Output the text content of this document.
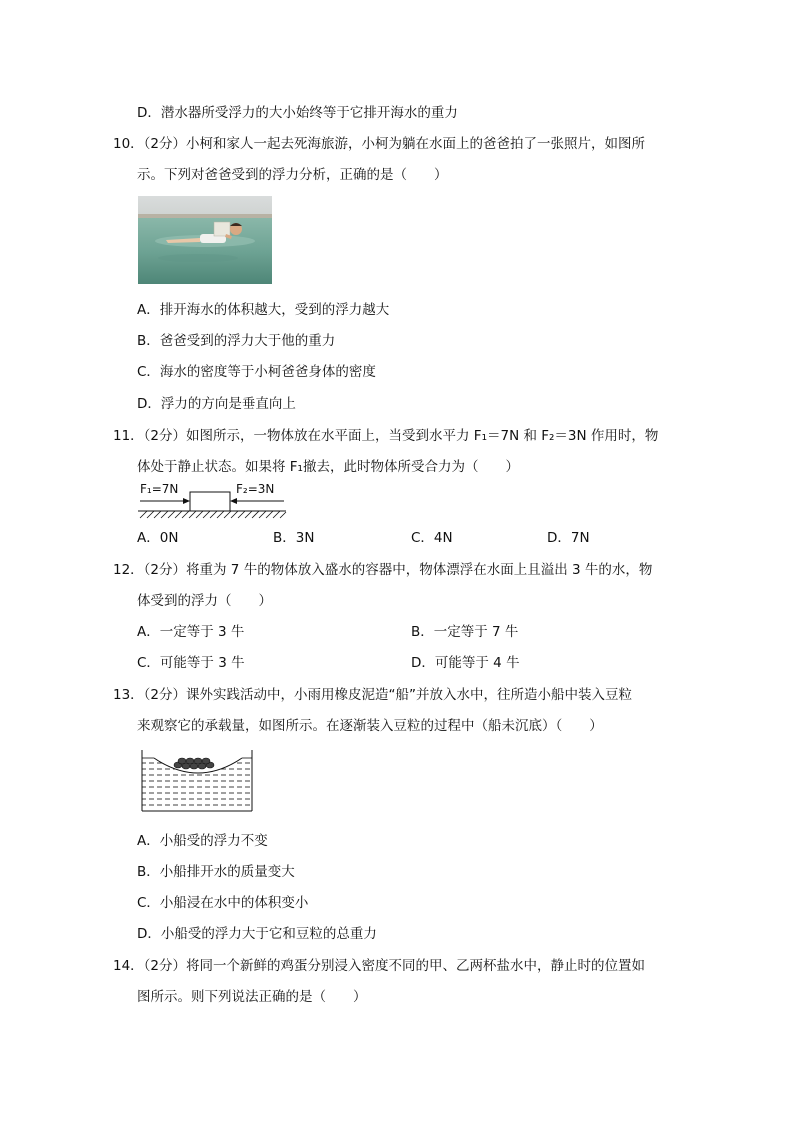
D．潜水器所受浮力的大小始终等于它排开海水的重力
10．（2分）小柯和家人一起去死海旅游，小柯为躺在水面上的爸爸拍了一张照片，如图所
示。下列对爸爸受到的浮力分析，正确的是（　　）
A．排开海水的体积越大，受到的浮力越大
B．爸爸受到的浮力大于他的重力
C．海水的密度等于小柯爸爸身体的密度
D．浮力的方向是垂直向上
11．（2分）如图所示，一物体放在水平面上，当受到水平力 F₁＝7N 和 F₂＝3N 作用时，物
体处于静止状态。如果将 F₁撤去，此时物体所受合力为（　　）
F₁=7N	F₂=3N
A．0N	B．3N	C．4N	D．7N
12．（2分）将重为 7 牛的物体放入盛水的容器中，物体漂浮在水面上且溢出 3 牛的水，物
体受到的浮力（　　）
A．一定等于 3 牛	B．一定等于 7 牛
C．可能等于 3 牛	D．可能等于 4 牛
13．（2分）课外实践活动中，小雨用橡皮泥造“船”并放入水中，往所造小船中装入豆粒
来观察它的承载量，如图所示。在逐渐装入豆粒的过程中（船未沉底）（　　）
A．小船受的浮力不变
B．小船排开水的质量变大
C．小船浸在水中的体积变小
D．小船受的浮力大于它和豆粒的总重力
14．（2分）将同一个新鲜的鸡蛋分别浸入密度不同的甲、乙两杯盐水中，静止时的位置如
图所示。则下列说法正确的是（　　）
